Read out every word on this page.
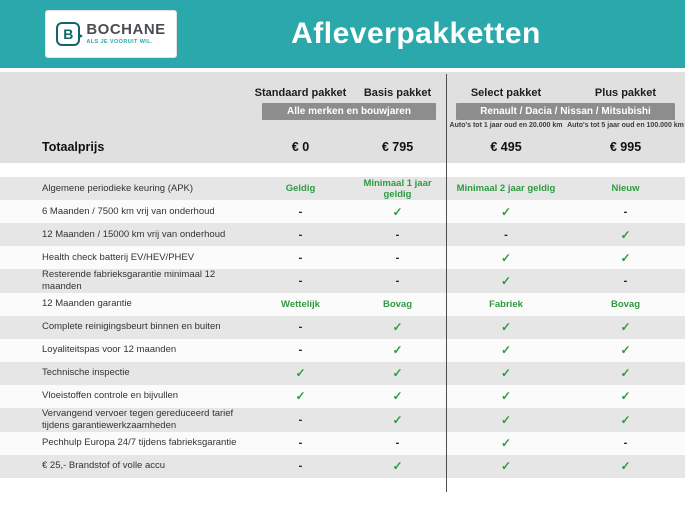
B BOCHANE
ALS JE VOORUIT WIL.	Afleverpakketten
Standaard pakket	Basis pakket	Select pakket	Plus pakket
Alle merken en bouwjaren	Renault / Dacia / Nissan / Mitsubishi
Auto's tot 1 jaar oud en 20.000 km Auto's tot 5 jaar oud en 100.000 km
Totaalprijs	€ 0	€ 795	€ 495	€ 995
Algemene periodieke keuring (APK)	Geldig	Minimaal 1 jaar geldig	Minimaal 2 jaar geldig	Nieuw
6 Maanden / 7500 km vrij van onderhoud	-	✓	✓	-
12 Maanden / 15000 km vrij van onderhoud	-	-	-	✓
Health check batterij EV/HEV/PHEV	-	-	✓	✓
Resterende fabrieksgarantie minimaal 12 maanden	-	-	✓	-
12 Maanden garantie	Wettelijk	Bovag	Fabriek	Bovag
Complete reinigingsbeurt binnen en buiten	-	✓	✓	✓
Loyaliteitspas voor 12 maanden	-	✓	✓	✓
Technische inspectie	✓	✓	✓	✓
Vloeistoffen controle en bijvullen	✓	✓	✓	✓
Vervangend vervoer tegen gereduceerd tarief tijdens garantiewerkzaamheden	-	✓	✓	✓
Pechhulp Europa 24/7 tijdens fabrieksgarantie	-	-	✓	-
€ 25,- Brandstof of volle accu	-	✓	✓	✓
